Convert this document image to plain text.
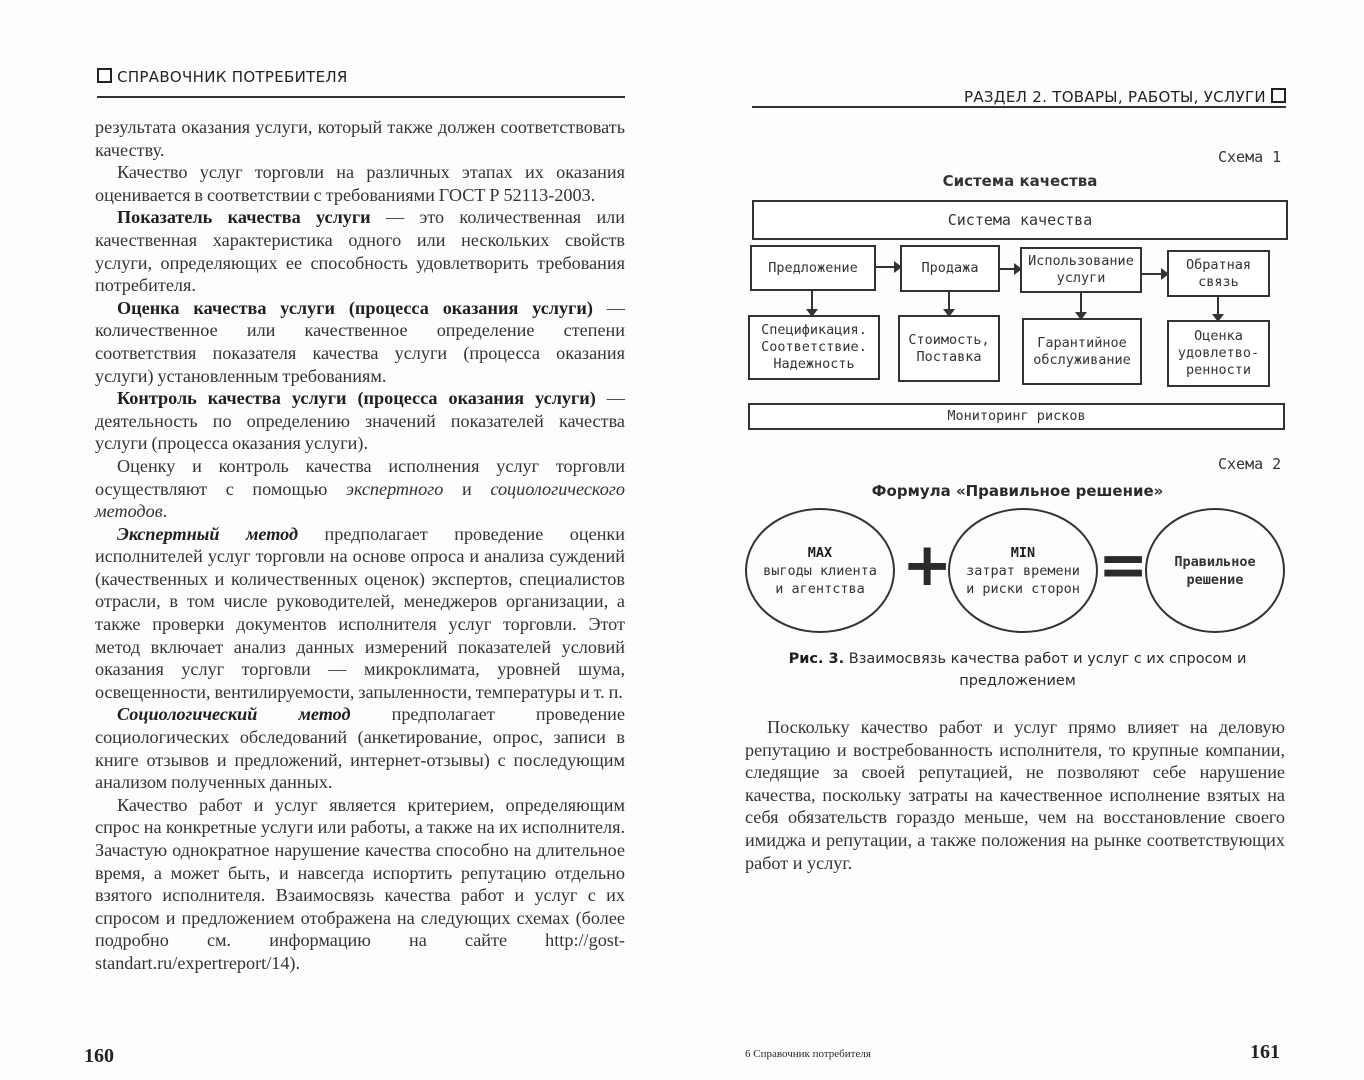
СПРАВОЧНИК ПОТРЕБИТЕЛЯ

результата оказания услуги, который также должен соответствовать качеству.

Качество услуг торговли на различных этапах их оказания оценивается в соответствии с требованиями ГОСТ Р 52113-2003.

Показатель качества услуги — это количественная или качественная характеристика одного или нескольких свойств услуги, определяющих ее способность удовлетворить требования потребителя.

Оценка качества услуги (процесса оказания услуги) — количественное или качественное определение степени соответствия показателя качества услуги (процесса оказания услуги) установленным требованиям.

Контроль качества услуги (процесса оказания услуги) — деятельность по определению значений показателей качества услуги (процесса оказания услуги).

Оценку и контроль качества исполнения услуг торговли осуществляют с помощью экспертного и социологического методов.

Экспертный метод предполагает проведение оценки исполнителей услуг торговли на основе опроса и анализа суждений (качественных и количественных оценок) экспертов, специалистов отрасли, в том числе руководителей, менеджеров организации, а также проверки документов исполнителя услуг торговли. Этот метод включает анализ данных измерений показателей условий оказания услуг торговли — микроклимата, уровней шума, освещенности, вентилируемости, запыленности, температуры и т. п.

Социологический метод предполагает проведение социологических обследований (анкетирование, опрос, записи в книге отзывов и предложений, интернет-отзывы) с последующим анализом полученных данных.

Качество работ и услуг является критерием, определяющим спрос на конкретные услуги или работы, а также на их исполнителя. Зачастую однократное нарушение качества способно на длительное время, а может быть, и навсегда испортить репутацию отдельно взятого исполнителя. Взаимосвязь качества работ и услуг с их спросом и предложением отображена на следующих схемах (более подробно см. информацию на сайте http://gost-standart.ru/expertreport/14).

160
РАЗДЕЛ 2. ТОВАРЫ, РАБОТЫ, УСЛУГИ
Схема 1
Система качества
Система качества
Предложение	Продажа	Использование услуги
Обратная связь
Спецификация. Соответствие. Надежность
Стоимость, Поставка
Гарантийное обслуживание
Оценка удовлетво-ренности
Мониторинг рисков
Схема 2
Формула «Правильное решение»
MAX
выгоды клиента и агентства +	MIN
затрат времени и риски сторон =	Правильное решение
Рис. 3. Взаимосвязь качества работ и услуг с их спросом и предложением

Поскольку качество работ и услуг прямо влияет на деловую репутацию и востребованность исполнителя, то крупные компании, следящие за своей репутацией, не позволяют себе нарушение качества, поскольку затраты на качественное исполнение взятых на себя обязательств гораздо меньше, чем на восстановление своего имиджа и репутации, а также положения на рынке соответствующих работ и услуг.

6 Справочник потребителя	161
